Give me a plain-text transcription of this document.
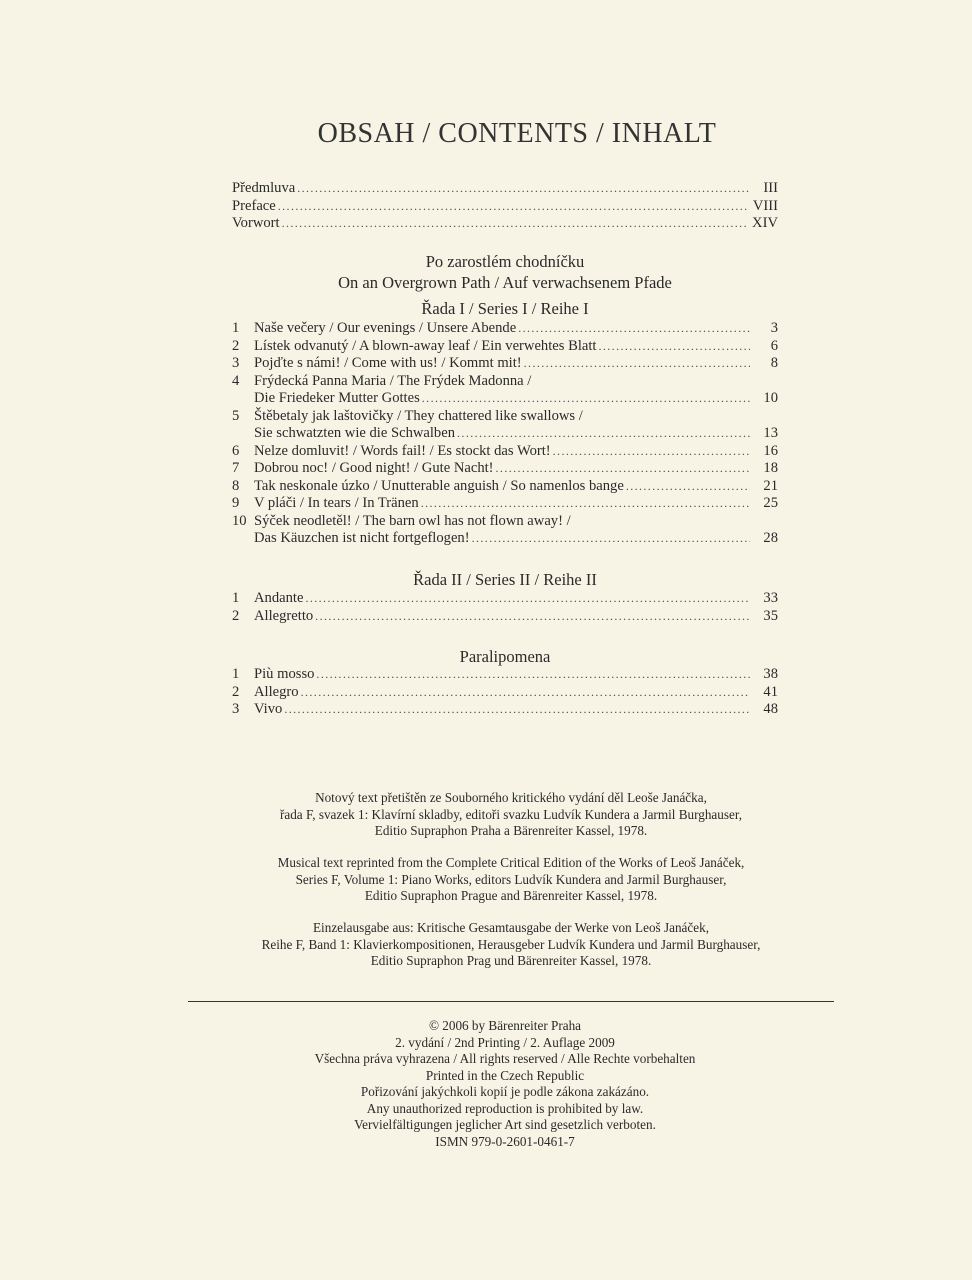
OBSAH / CONTENTS / INHALT
Předmluva .....	III
Preface .....	VIII
Vorwort .....	XIV
Po zarostlém chodníčku
On an Overgrown Path / Auf verwachsenem Pfade
Řada I / Series I / Reihe I
1	Naše večery / Our evenings / Unsere Abende .....	3
2	Lístek odvanutý / A blown-away leaf / Ein verwehtes Blatt .....	6
3	Pojďte s námi! / Come with us! / Kommt mit! .....	8
4	Frýdecká Panna Maria / The Frýdek Madonna /
Die Friedeker Mutter Gottes .....	10
5	Štěbetaly jak laštovičky / They chattered like swallows /
Sie schwatzten wie die Schwalben .....	13
6	Nelze domluvit! / Words fail! / Es stockt das Wort! .....	16
7	Dobrou noc! / Good night! / Gute Nacht! .....	18
8	Tak neskonale úzko / Unutterable anguish / So namenlos bange .....	21
9	V pláči / In tears / In Tränen .....	25
10 Sýček neodletěl! / The barn owl has not flown away! /
Das Käuzchen ist nicht fortgeflogen! .....	28
Řada II / Series II / Reihe II
1	Andante .....	33
2	Allegretto .....	35
Paralipomena
1	Più mosso .....	38
2	Allegro .....	41
3	Vivo .....	48
Notový text přetištěn ze Souborného kritického vydání děl Leoše Janáčka,
řada F, svazek 1: Klavírní skladby, editoři svazku Ludvík Kundera a Jarmil Burghauser,
Editio Supraphon Praha a Bärenreiter Kassel, 1978.
Musical text reprinted from the Complete Critical Edition of the Works of Leoš Janáček,
Series F, Volume 1: Piano Works, editors Ludvík Kundera and Jarmil Burghauser,
Editio Supraphon Prague and Bärenreiter Kassel, 1978.
Einzelausgabe aus: Kritische Gesamtausgabe der Werke von Leoš Janáček,
Reihe F, Band 1: Klavierkompositionen, Herausgeber Ludvík Kundera und Jarmil Burghauser,
Editio Supraphon Prag und Bärenreiter Kassel, 1978.
© 2006 by Bärenreiter Praha
2. vydání / 2nd Printing / 2. Auflage 2009
Všechna práva vyhrazena / All rights reserved / Alle Rechte vorbehalten
Printed in the Czech Republic
Pořizování jakýchkoli kopií je podle zákona zakázáno.
Any unauthorized reproduction is prohibited by law.
Vervielfältigungen jeglicher Art sind gesetzlich verboten.
ISMN 979-0-2601-0461-7
